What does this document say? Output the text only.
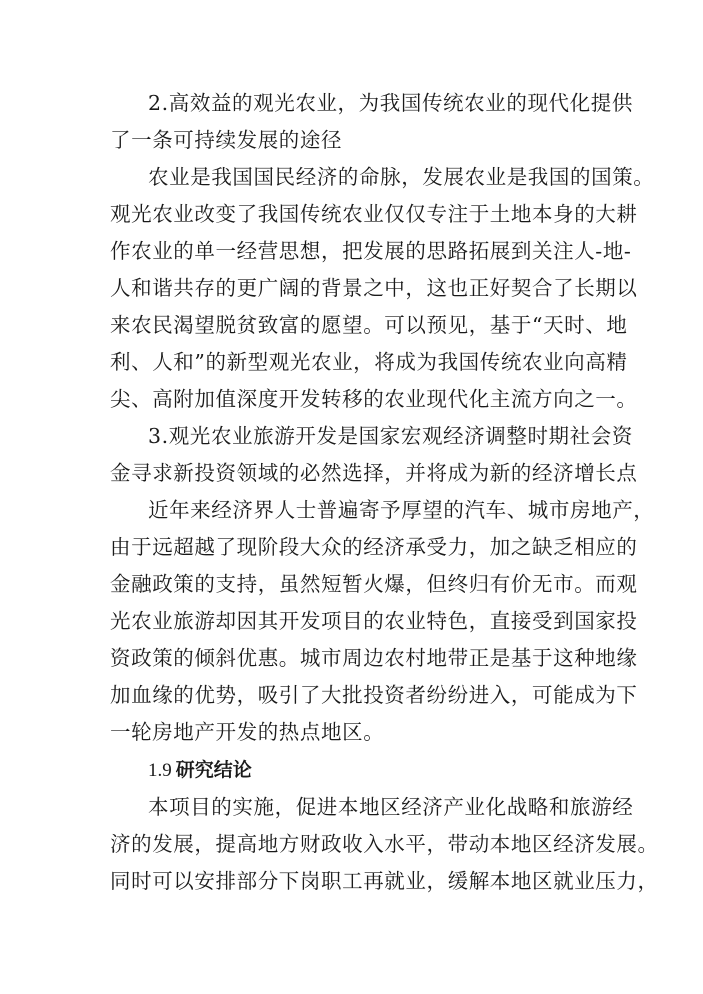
2.高效益的观光农业，为我国传统农业的现代化提供
了一条可持续发展的途径
农业是我国国民经济的命脉，发展农业是我国的国策。
观光农业改变了我国传统农业仅仅专注于土地本身的大耕
作农业的单一经营思想，把发展的思路拓展到关注人-地-
人和谐共存的更广阔的背景之中，这也正好契合了长期以
来农民渴望脱贫致富的愿望。可以预见，基于“天时、地
利、人和”的新型观光农业，将成为我国传统农业向高精
尖、高附加值深度开发转移的农业现代化主流方向之一。
3.观光农业旅游开发是国家宏观经济调整时期社会资
金寻求新投资领域的必然选择，并将成为新的经济增长点
近年来经济界人士普遍寄予厚望的汽车、城市房地产，
由于远超越了现阶段大众的经济承受力，加之缺乏相应的
金融政策的支持，虽然短暂火爆，但终归有价无市。而观
光农业旅游却因其开发项目的农业特色，直接受到国家投
资政策的倾斜优惠。城市周边农村地带正是基于这种地缘
加血缘的优势，吸引了大批投资者纷纷进入，可能成为下
一轮房地产开发的热点地区。
1.9 研究结论
本项目的实施，促进本地区经济产业化战略和旅游经
济的发展，提高地方财政收入水平，带动本地区经济发展。
同时可以安排部分下岗职工再就业，缓解本地区就业压力，
